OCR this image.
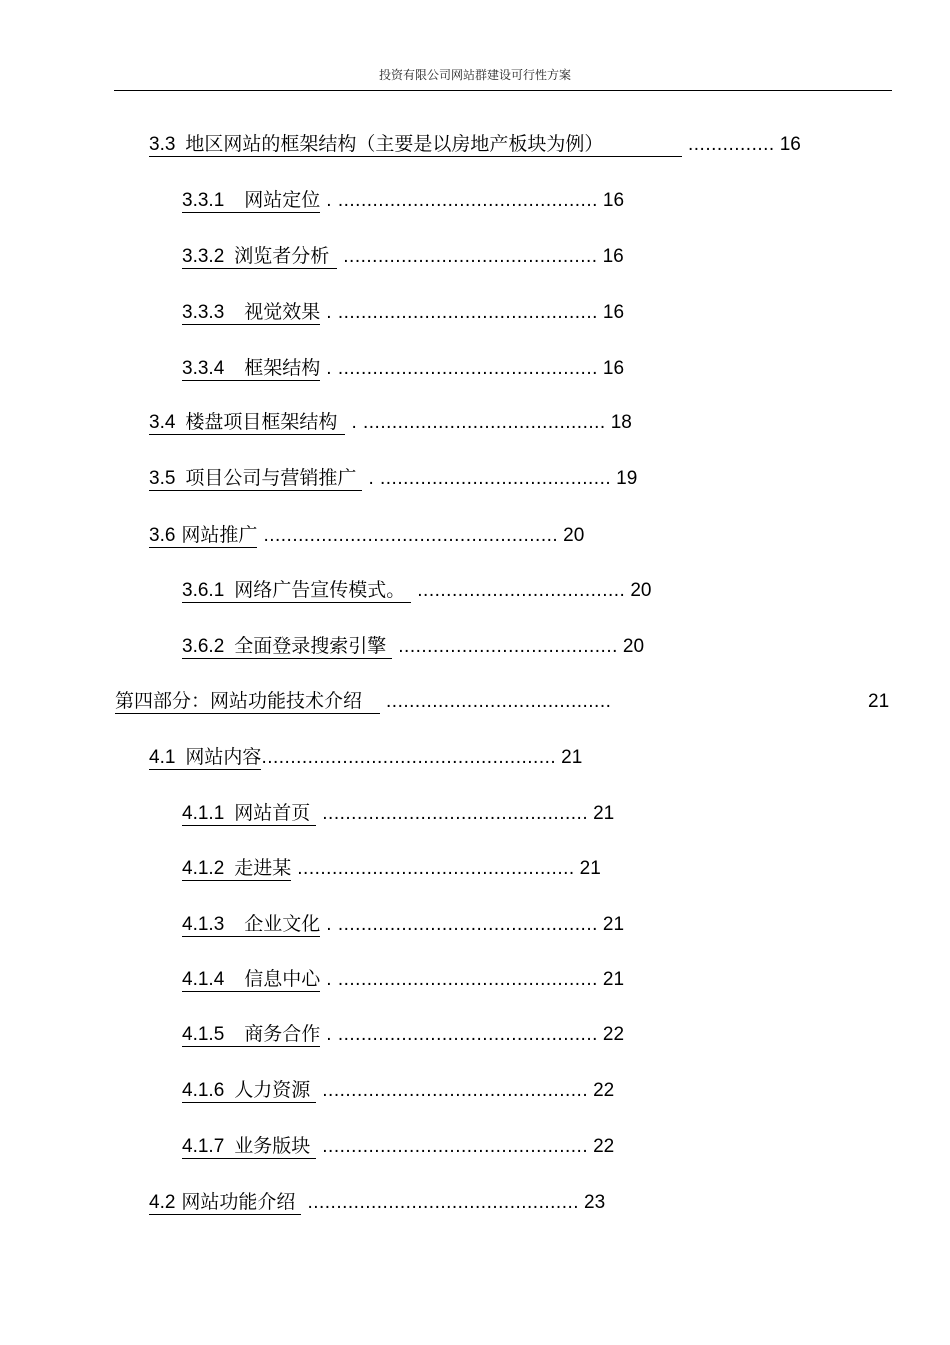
投资有限公司网站群建设可行性方案
3.3 地区网站的框架结构（主要是以房地产板块为例）	............... 16
3.3.1 网站定位 . ............................................. 16
3.3.2 浏览者分析 ............................................ 16
3.3.3 视觉效果 . ............................................. 16
3.3.4 框架结构 . ............................................. 16
3.4 楼盘项目框架结构 . .......................................... 18
3.5 项目公司与营销推广 . ........................................ 19
3.6 网站推广 ................................................... 20
3.6.1 网络广告宣传模式。 .................................... 20
3.6.2 全面登录搜索引擎 ...................................... 20
第四部分：网站功能技术介绍	.......................................	21
4.1 网站内容 ................................................... 21
4.1.1 网站首页 .............................................. 21
4.1.2 走进某 ................................................ 21
4.1.3 企业文化 . ............................................. 21
4.1.4 信息中心 . ............................................. 21
4.1.5 商务合作 . ............................................. 22
4.1.6 人力资源 .............................................. 22
4.1.7 业务版块 .............................................. 22
4.2 网站功能介绍 ............................................... 23
